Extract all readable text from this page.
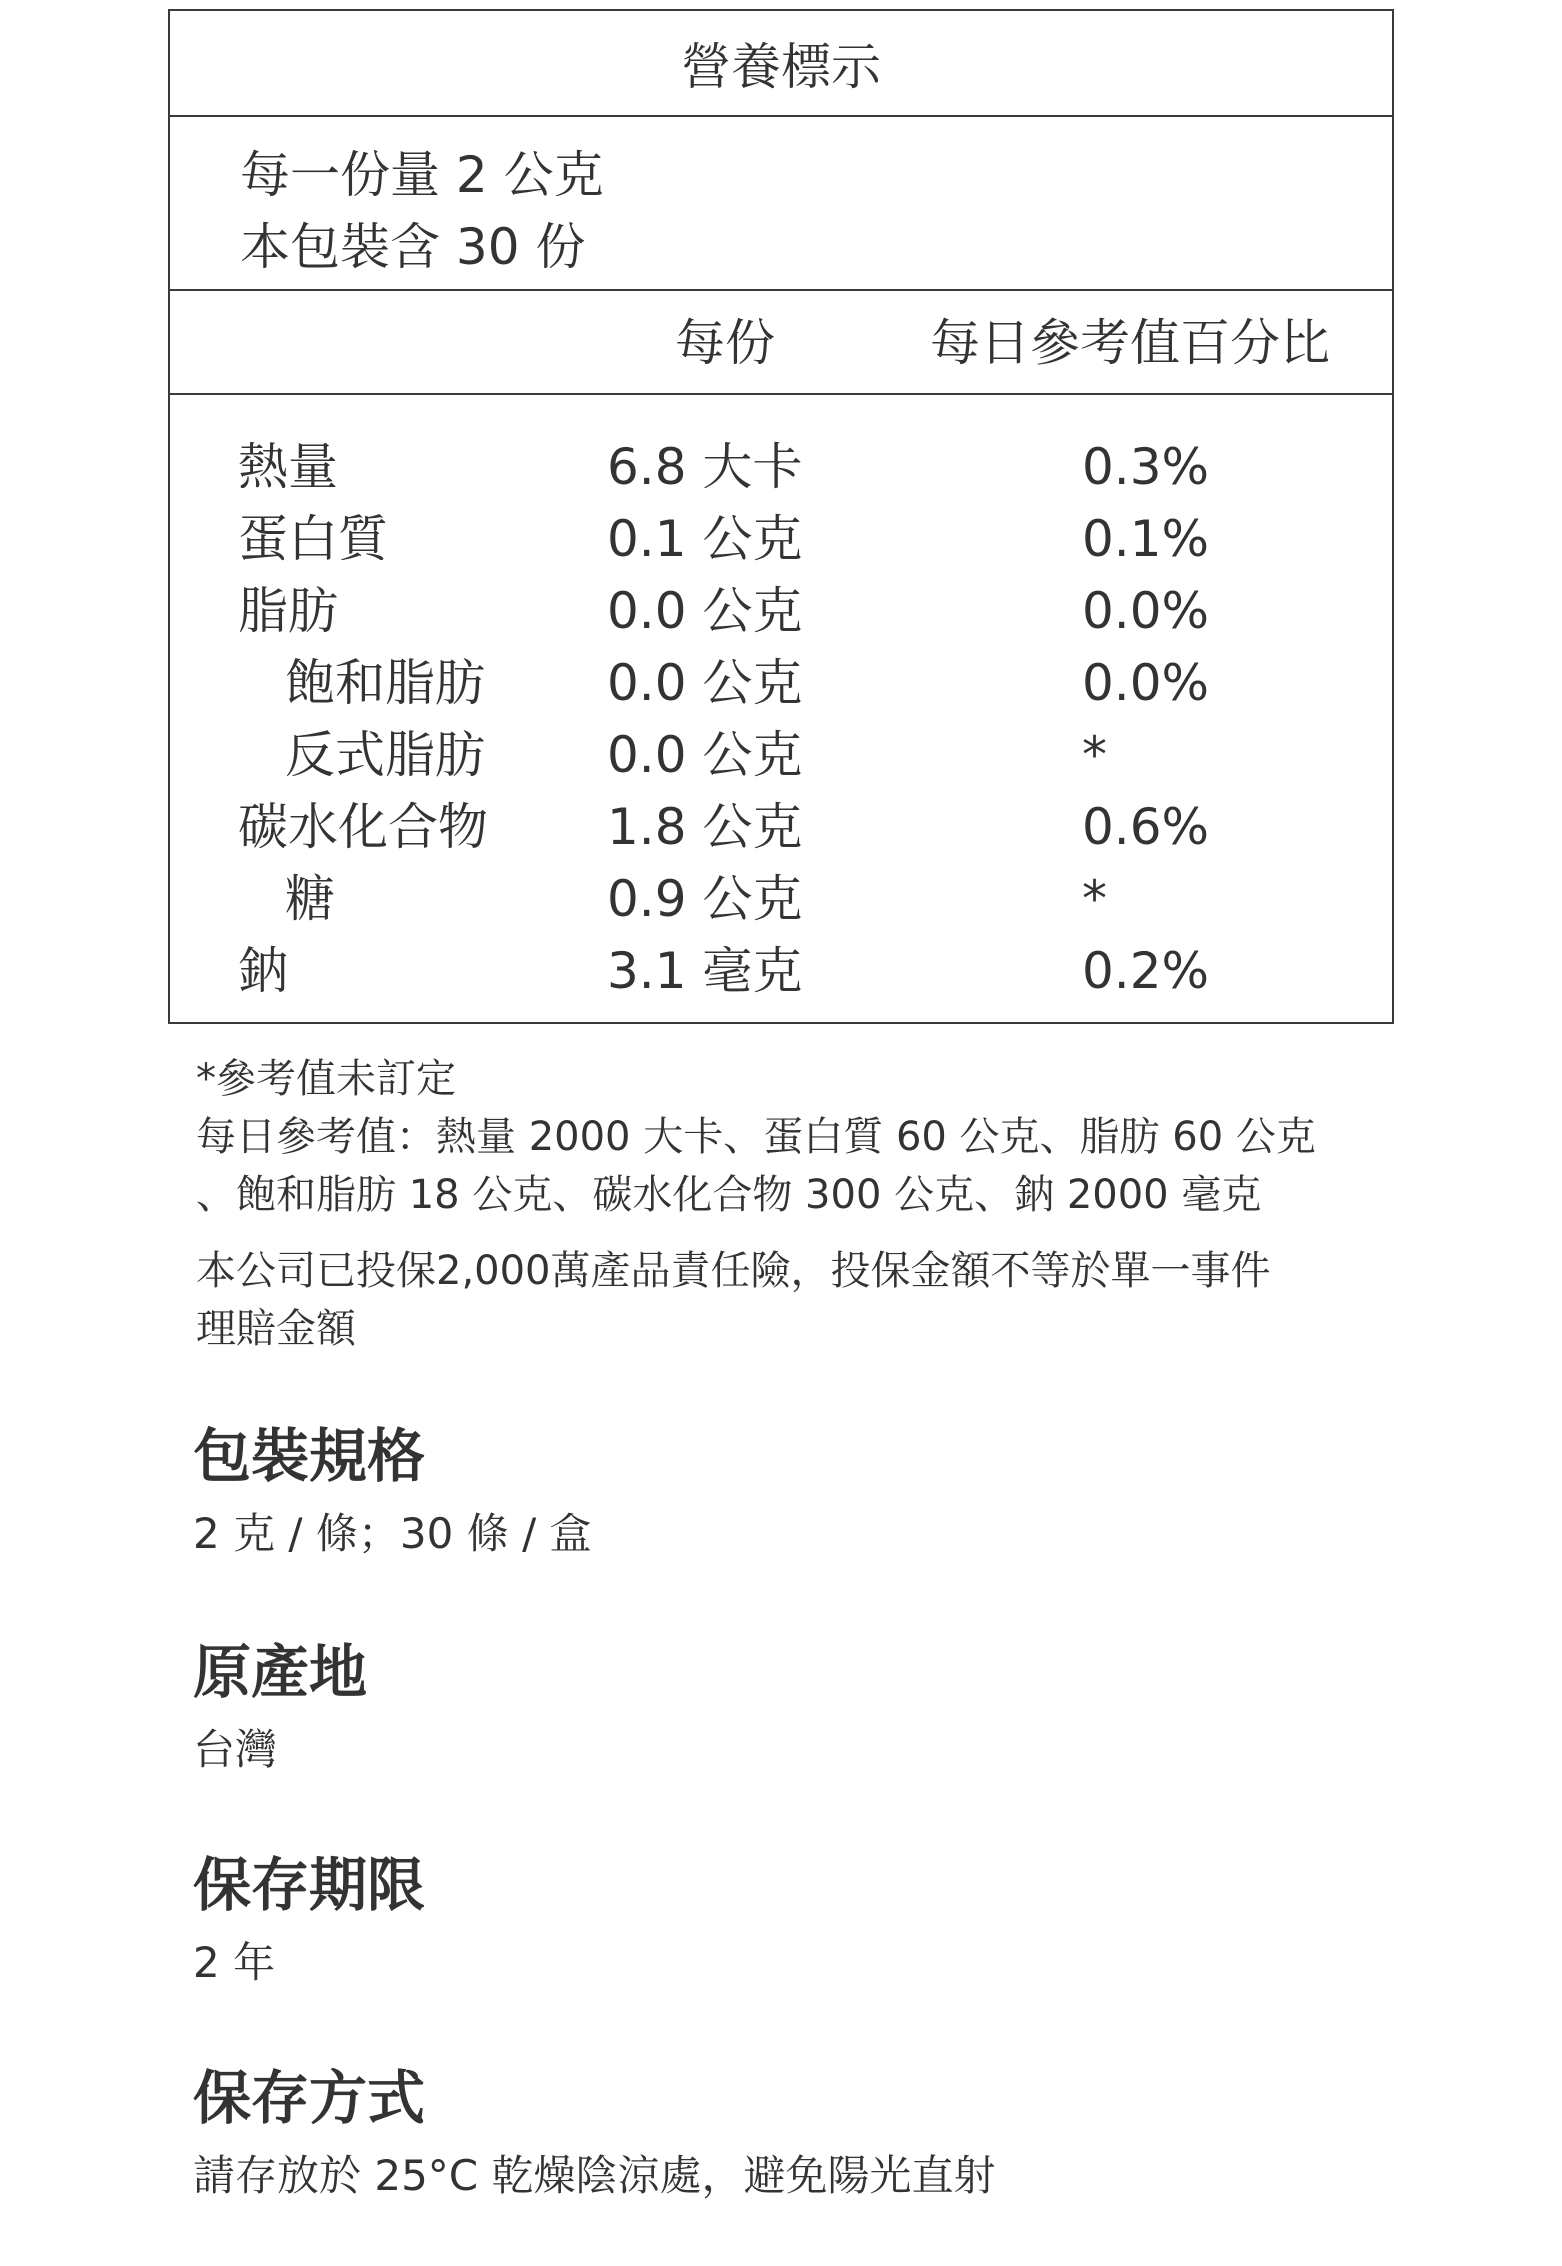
營養標示
每一份量 2 公克
本包裝含 30 份
每份	每日參考值百分比
熱量	6.8 大卡	0.3%
蛋白質	0.1 公克	0.1%
脂肪	0.0 公克	0.0%
飽和脂肪 0.0 公克	0.0%
反式脂肪 0.0 公克	*
碳水化合物 1.8 公克	0.6%
糖	0.9 公克	*
鈉	3.1 毫克	0.2%

*參考值未訂定

每日參考值：熱量 2000 大卡、蛋白質 60 公克、脂肪 60 公克

、飽和脂肪 18 公克、碳水化合物 300 公克、鈉 2000 毫克

本公司已投保2,000萬產品責任險，投保金額不等於單一事件

理賠金額

包裝規格
2 克 / 條；30 條 / 盒
原產地
台灣
保存期限
2 年
保存方式
請存放於 25°C 乾燥陰涼處，避免陽光直射
